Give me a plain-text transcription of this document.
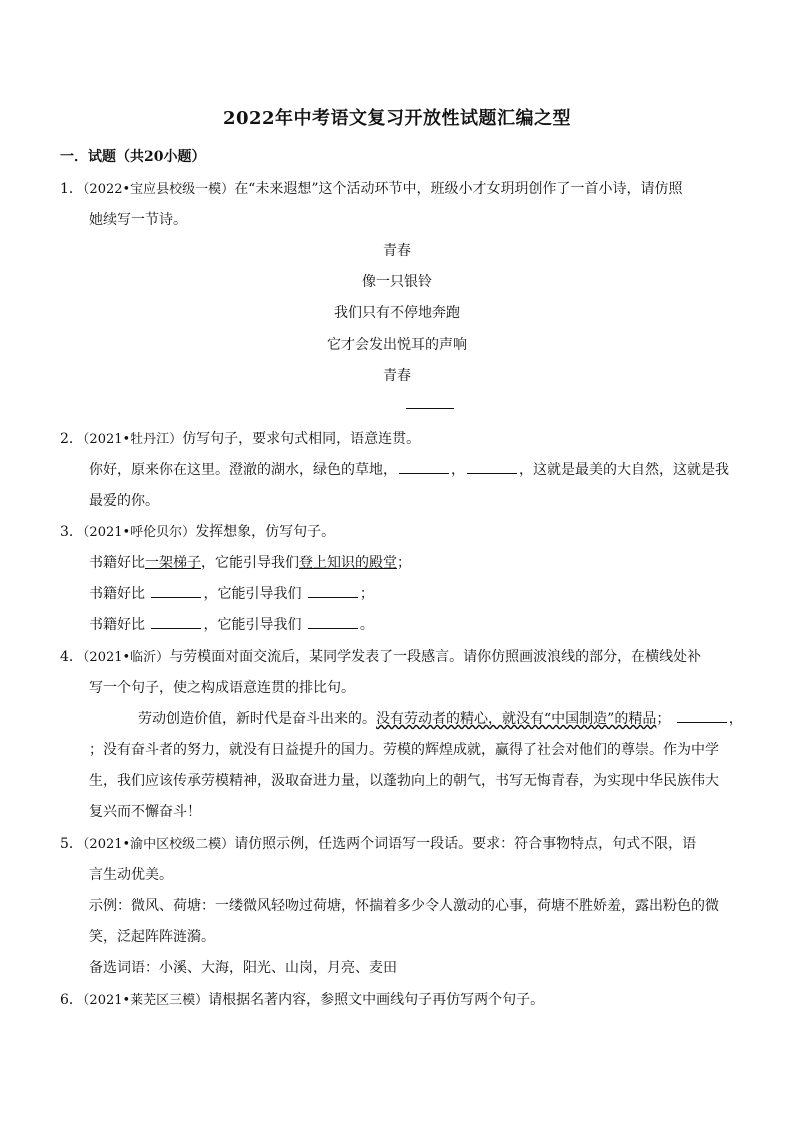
2022年中考语文复习开放性试题汇编之型
一．试题（共20小题）
1．（2022•宝应县校级一模）在“未来遐想”这个活动环节中，班级小才女玥玥创作了一首小诗，请仿照
她续写一节诗。
青春
像一只银铃
我们只有不停地奔跑
它才会发出悦耳的声响
青春
2．（2021•牡丹江）仿写句子，要求句式相同，语意连贯。
你好，原来你在这里。澄澈的湖水，绿色的草地，	，	，这就是最美的大自然，这就是我
最爱的你。
3．（2021•呼伦贝尔）发挥想象，仿写句子。
书籍好比一架梯子，它能引导我们登上知识的殿堂；
书籍好比	，它能引导我们	；
书籍好比	，它能引导我们	。
4．（2021•临沂）与劳模面对面交流后，某同学发表了一段感言。请你仿照画波浪线的部分，在横线处补
写一个句子，使之构成语意连贯的排比句。
劳动创造价值，新时代是奋斗出来的。没有劳动者的精心，就没有“中国制造”的精品；	，
；没有奋斗者的努力，就没有日益提升的国力。劳模的辉煌成就，赢得了社会对他们的尊崇。作为中学
生，我们应该传承劳模精神，汲取奋进力量，以蓬勃向上的朝气，书写无悔青春，为实现中华民族伟大
复兴而不懈奋斗！
5．（2021•渝中区校级二模）请仿照示例，任选两个词语写一段话。要求：符合事物特点，句式不限，语
言生动优美。
示例：微风、荷塘：一缕微风轻吻过荷塘，怀揣着多少令人激动的心事，荷塘不胜娇羞，露出粉色的微
笑，泛起阵阵涟漪。
备选词语：小溪、大海，阳光、山岗，月亮、麦田
6．（2021•莱芜区三模）请根据名著内容，参照文中画线句子再仿写两个句子。
